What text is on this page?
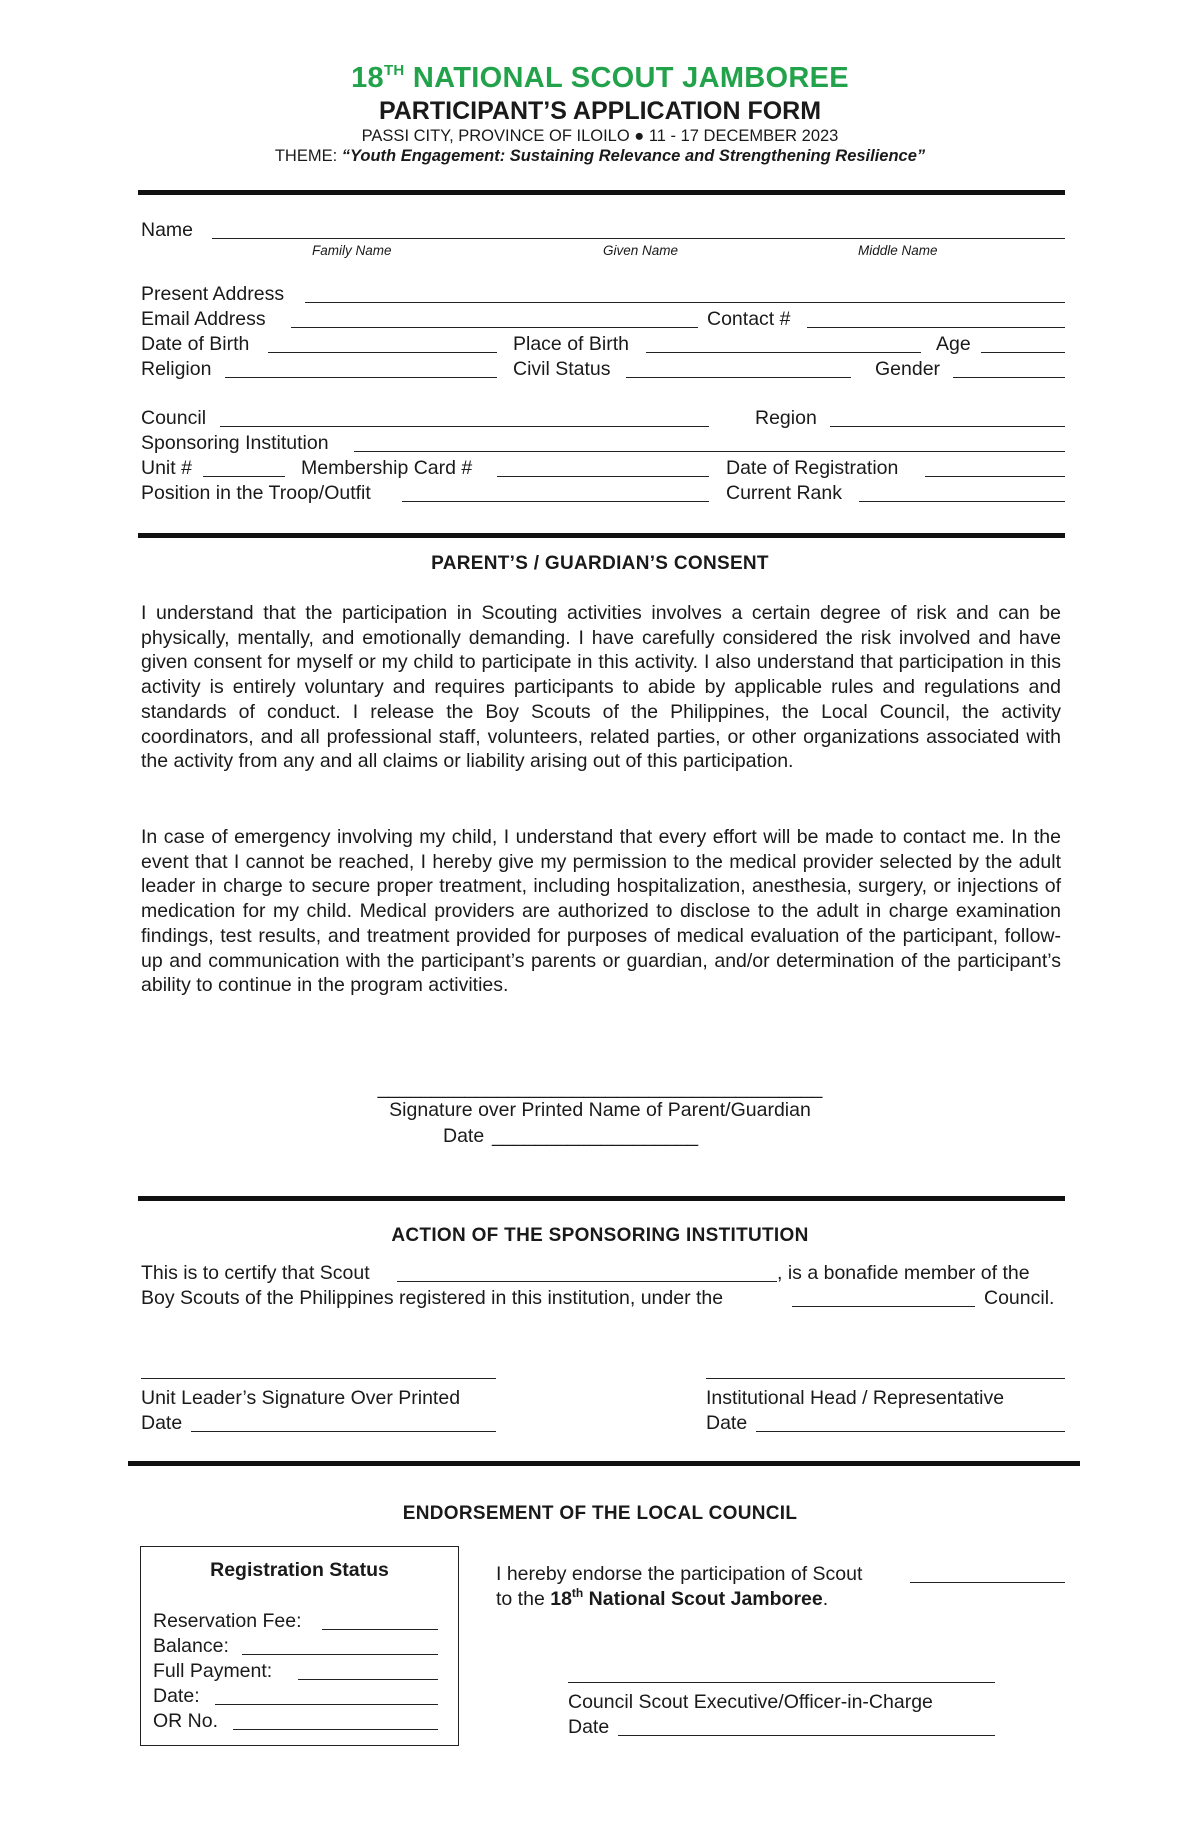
18TH NATIONAL SCOUT JAMBOREE
PARTICIPANT’S APPLICATION FORM
PASSI CITY, PROVINCE OF ILOILO ● 11 - 17 DECEMBER 2023
THEME: “Youth Engagement: Sustaining Relevance and Strengthening Resilience”
Name
Family Name	Given Name	Middle Name
Present Address
Email Address	Contact #
Date of Birth	Place of Birth	Age
Religion	Civil Status	Gender
Council	Region
Sponsoring Institution
Unit #	Membership Card #	Date of Registration
Position in the Troop/Outfit	Current Rank
PARENT’S / GUARDIAN’S CONSENT
I understand that the participation in Scouting activities involves a certain degree of risk and can be physically, mentally, and emotionally demanding. I have carefully considered the risk involved and have given consent for myself or my child to participate in this activity. I also understand that participation in this activity is entirely voluntary and requires participants to abide by applicable rules and regulations and standards of conduct. I release the Boy Scouts of the Philippines, the Local Council, the activity coordinators, and all professional staff, volunteers, related parties, or other organizations associated with the activity from any and all claims or liability arising out of this participation.
In case of emergency involving my child, I understand that every effort will be made to contact me. In the event that I cannot be reached, I hereby give my permission to the medical provider selected by the adult leader in charge to secure proper treatment, including hospitalization, anesthesia, surgery, or injections of medication for my child. Medical providers are authorized to disclose to the adult in charge examination findings, test results, and treatment provided for purposes of medical evaluation of the participant, follow-up and communication with the participant’s parents or guardian, and/or determination of the participant’s ability to continue in the program activities.
_________________________________________
Signature over Printed Name of Parent/Guardian
Date ___________________
ACTION OF THE SPONSORING INSTITUTION
This is to certify that Scout	, is a bonafide member of the
Boy Scouts of the Philippines registered in this institution, under the	Council.
Unit Leader’s Signature Over Printed	Institutional Head / Representative
Date	Date
ENDORSEMENT OF THE LOCAL COUNCIL
Registration Status
Reservation Fee:
Balance:
Full Payment:
Date:
OR No.
I hereby endorse the participation of Scout
to the 18th National Scout Jamboree.
Council Scout Executive/Officer-in-Charge
Date
